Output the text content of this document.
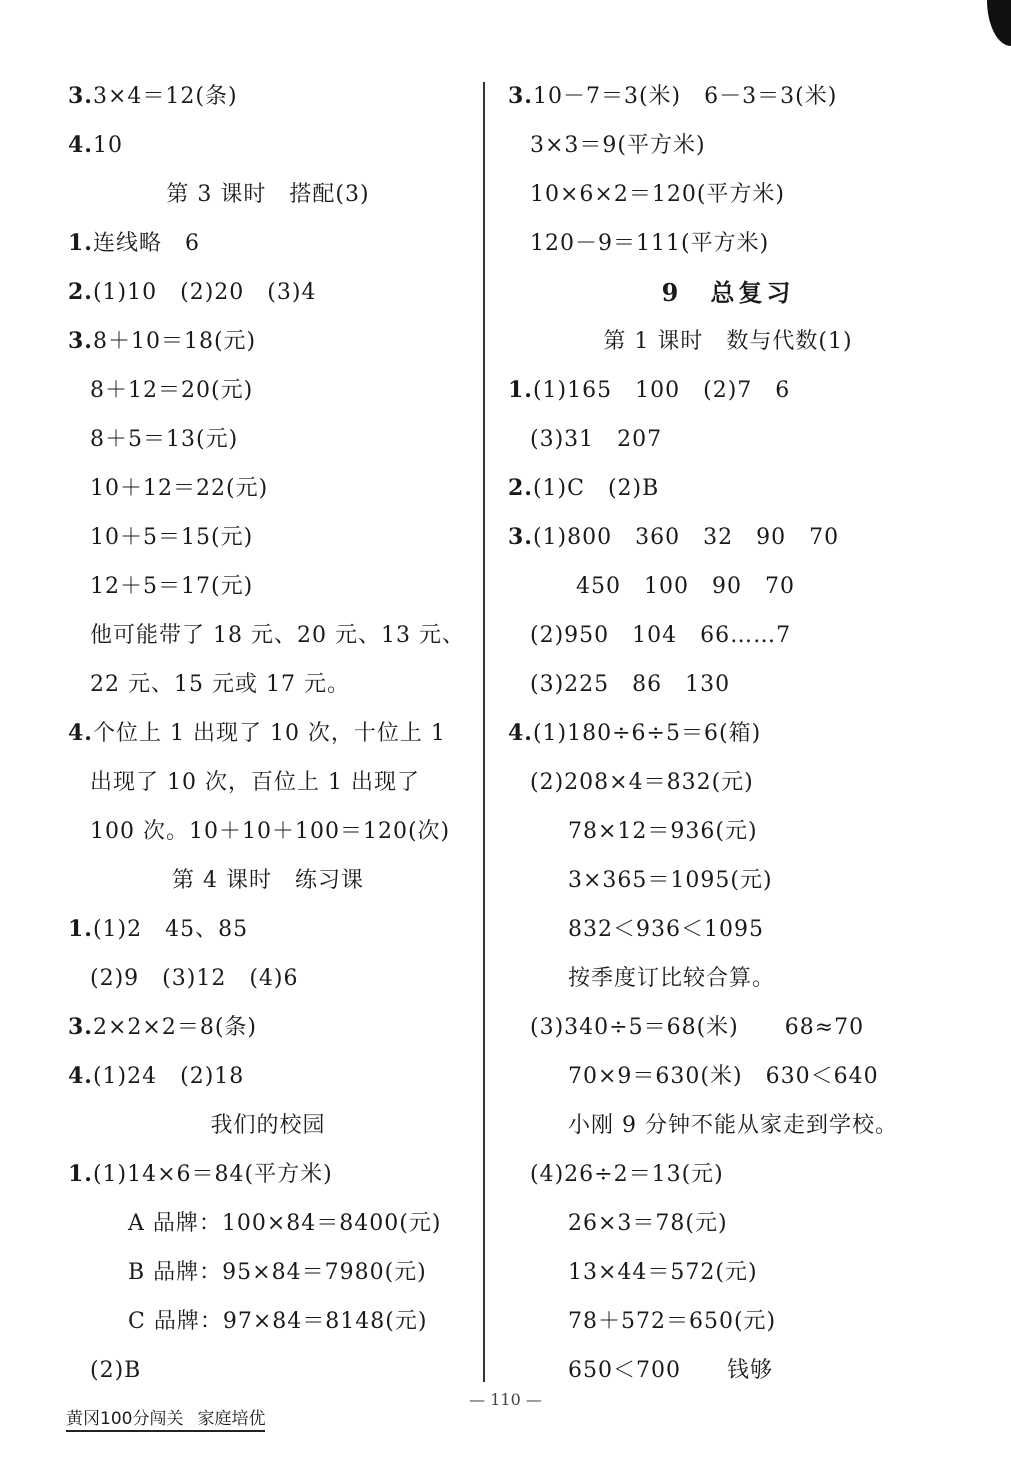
3.3×4＝12(条)
4.10
第 3 课时　搭配(3)
1.连线略　6
2.(1)10　(2)20　(3)4
3.8＋10＝18(元)
8＋12＝20(元)
8＋5＝13(元)
10＋12＝22(元)
10＋5＝15(元)
12＋5＝17(元)
他可能带了 18 元、20 元、13 元、
22 元、15 元或 17 元。
4.个位上 1 出现了 10 次，十位上 1
出现了 10 次，百位上 1 出现了
100 次。10＋10＋100＝120(次)
第 4 课时　练习课
1.(1)2　45、85
(2)9　(3)12　(4)6
3.2×2×2＝8(条)
4.(1)24　(2)18
我们的校园
1.(1)14×6＝84(平方米)
A 品牌：100×84＝8400(元)
B 品牌：95×84＝7980(元)
C 品牌：97×84＝8148(元)
(2)B
3.10－7＝3(米)　6－3＝3(米)
3×3＝9(平方米)
10×6×2＝120(平方米)
120－9＝111(平方米)
9　总复习
第 1 课时　数与代数(1)
1.(1)165　100　(2)7　6
(3)31　207
2.(1)C　(2)B
3.(1)800　360　32　90　70
450　100　90　70
(2)950　104　66……7
(3)225　86　130
4.(1)180÷6÷5＝6(箱)
(2)208×4＝832(元)
78×12＝936(元)
3×365＝1095(元)
832＜936＜1095
按季度订比较合算。
(3)340÷5＝68(米)　　68≈70
70×9＝630(米)　630＜640
小刚 9 分钟不能从家走到学校。
(4)26÷2＝13(元)
26×3＝78(元)
13×44＝572(元)
78＋572＝650(元)
650＜700　　钱够
— 110 —
黄冈100分闯关 家庭培优
